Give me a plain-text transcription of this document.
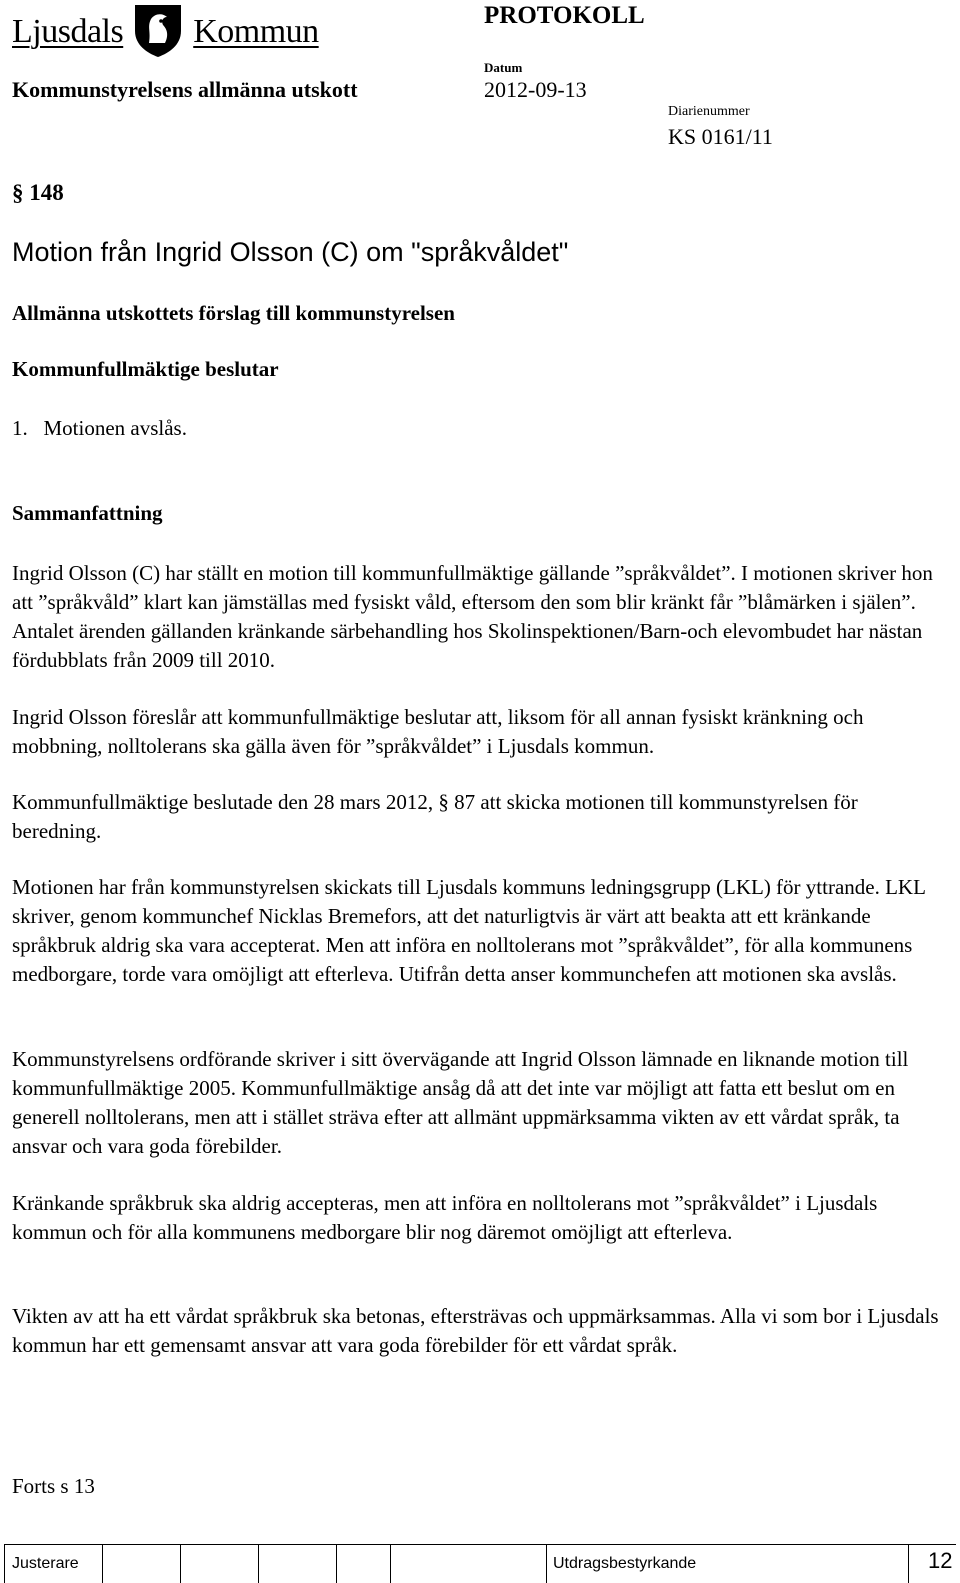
Ljusdals Kommun	PROTOKOLL
Kommunstyrelsens allmänna utskott
Datum
2012-09-13
Diarienummer
KS 0161/11
§ 148
Motion från Ingrid Olsson (C) om "språkvåldet"
Allmänna utskottets förslag till kommunstyrelsen
Kommunfullmäktige beslutar
1.   Motionen avslås.
Sammanfattning
Ingrid Olsson (C) har ställt en motion till kommunfullmäktige gällande ”språkvåldet”. I motionen skriver hon att ”språkvåld” klart kan jämställas med fysiskt våld, eftersom den som blir kränkt får ”blåmärken i själen”. Antalet ärenden gällanden kränkande särbehandling hos Skolinspektionen/Barn-och elevombudet har nästan fördubblats från 2009 till 2010.
Ingrid Olsson föreslår att kommunfullmäktige beslutar att, liksom för all annan fysiskt kränkning och mobbning, nolltolerans ska gälla även för ”språkvåldet” i Ljusdals kommun.
Kommunfullmäktige beslutade den 28 mars 2012, § 87 att skicka motionen till kommunstyrelsen för beredning.
Motionen har från kommunstyrelsen skickats till Ljusdals kommuns ledningsgrupp (LKL) för yttrande. LKL skriver, genom kommunchef Nicklas Bremefors, att det naturligtvis är värt att beakta att ett kränkande språkbruk aldrig ska vara accepterat. Men att införa en nolltolerans mot ”språkvåldet”, för alla kommunens medborgare, torde vara omöjligt att efterleva. Utifrån detta anser kommunchefen att motionen ska avslås.
Kommunstyrelsens ordförande skriver i sitt övervägande att Ingrid Olsson lämnade en liknande motion till kommunfullmäktige 2005. Kommunfullmäktige ansåg då att det inte var möjligt att fatta ett beslut om en generell nolltolerans, men att i stället sträva efter att allmänt uppmärksamma vikten av ett vårdat språk, ta ansvar och vara goda förebilder.
Kränkande språkbruk ska aldrig accepteras, men att införa en nolltolerans mot ”språkvåldet” i Ljusdals kommun och för alla kommunens medborgare blir nog däremot omöjligt att efterleva.
Vikten av att ha ett vårdat språkbruk ska betonas, eftersträvas och uppmärksammas. Alla vi som bor i Ljusdals kommun har ett gemensamt ansvar att vara goda förebilder för ett vårdat språk.
Forts s 13
Justerare	Utdragsbestyrkande	12
